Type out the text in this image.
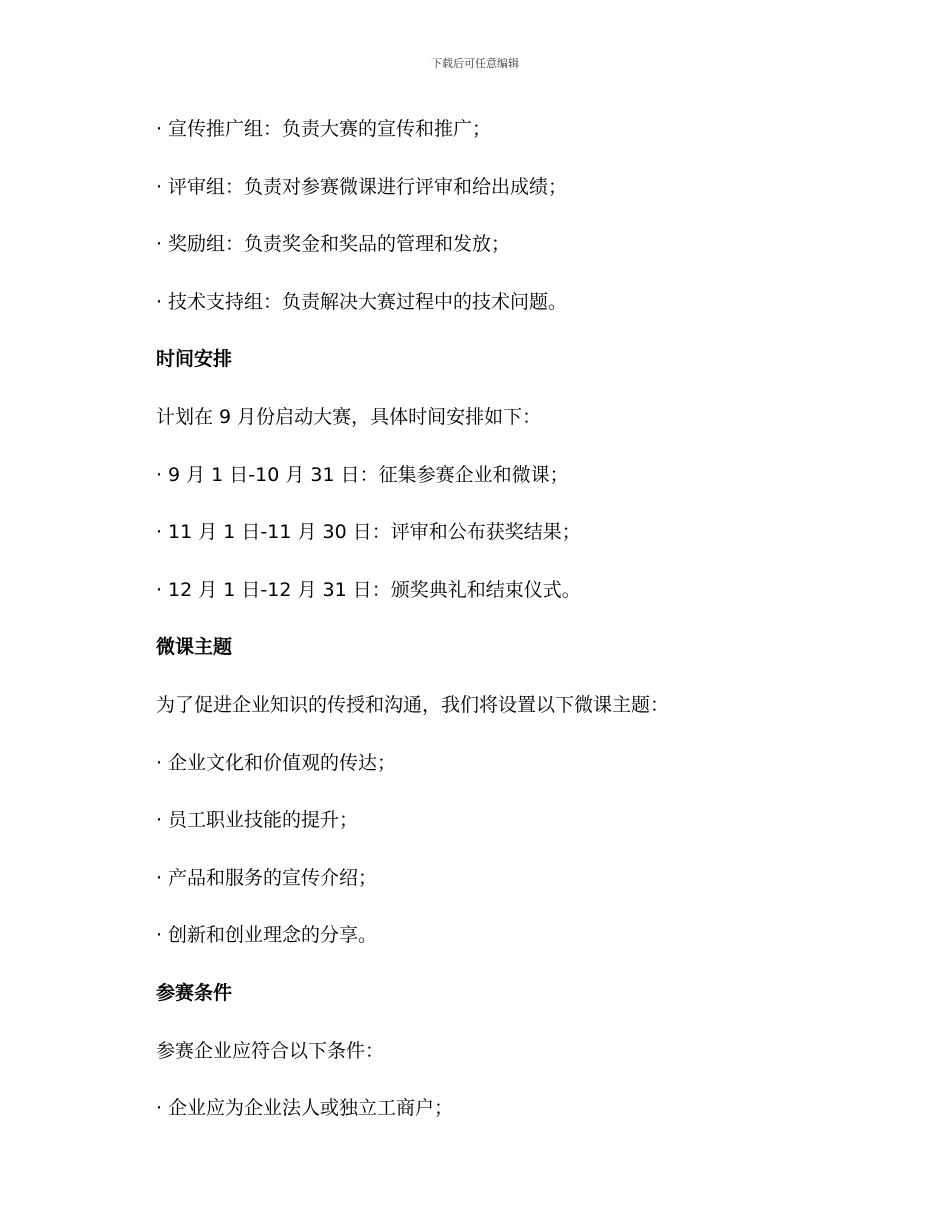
下载后可任意编辑
· 宣传推广组：负责大赛的宣传和推广；
· 评审组：负责对参赛微课进行评审和给出成绩；
· 奖励组：负责奖金和奖品的管理和发放；
· 技术支持组：负责解决大赛过程中的技术问题。
时间安排
计划在 9 月份启动大赛，具体时间安排如下：
· 9 月 1 日-10 月 31 日：征集参赛企业和微课；
· 11 月 1 日-11 月 30 日：评审和公布获奖结果；
· 12 月 1 日-12 月 31 日：颁奖典礼和结束仪式。
微课主题
为了促进企业知识的传授和沟通，我们将设置以下微课主题：
· 企业文化和价值观的传达；
· 员工职业技能的提升；
· 产品和服务的宣传介绍；
· 创新和创业理念的分享。
参赛条件
参赛企业应符合以下条件：
· 企业应为企业法人或独立工商户；
